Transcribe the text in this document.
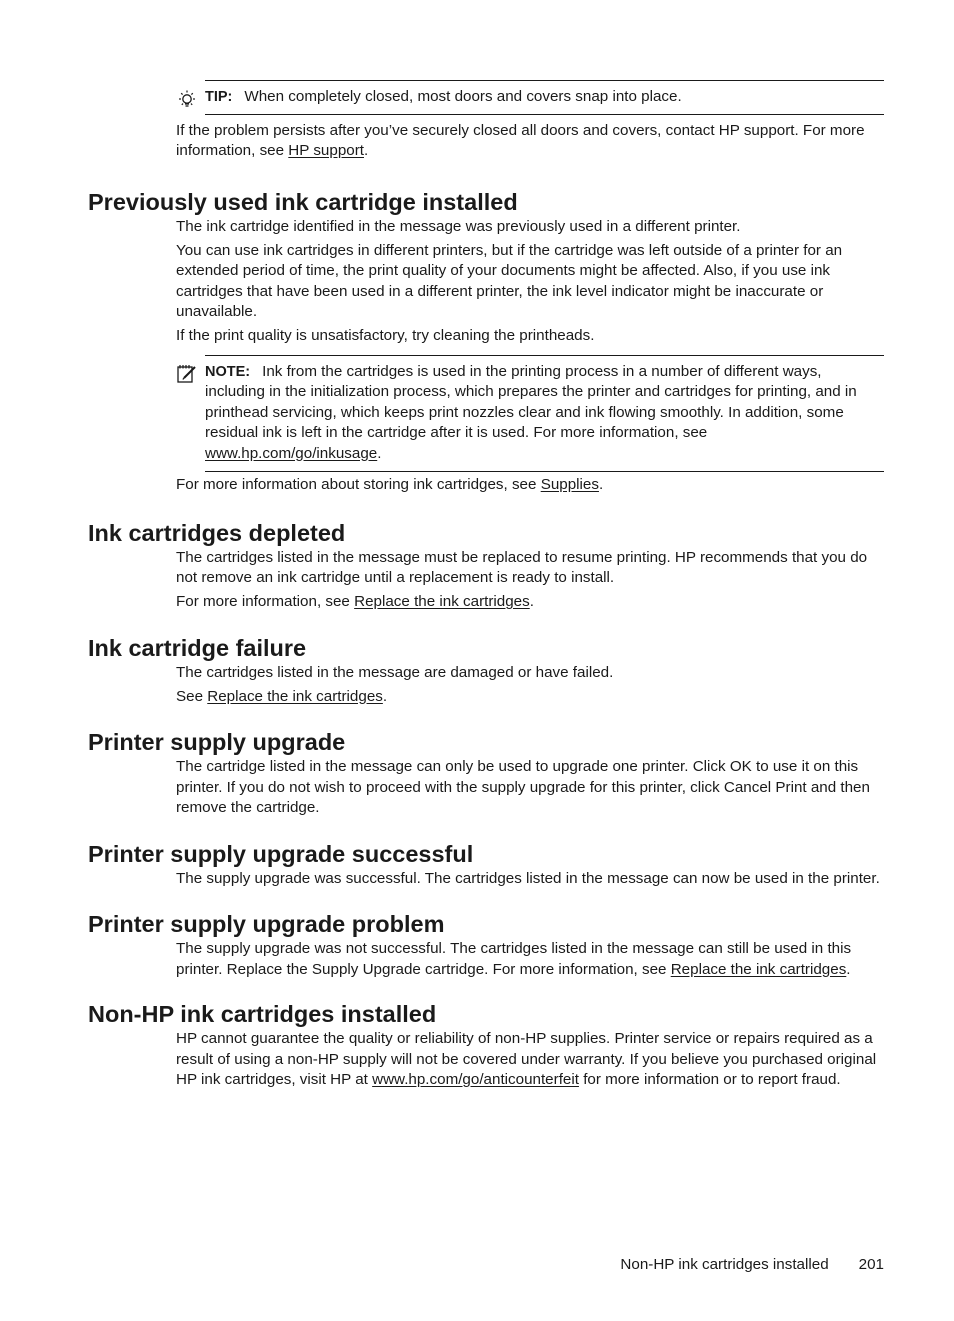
TIP: When completely closed, most doors and covers snap into place.

If the problem persists after you’ve securely closed all doors and covers, contact HP support. For more information, see HP support.

Previously used ink cartridge installed

The ink cartridge identified in the message was previously used in a different printer.

You can use ink cartridges in different printers, but if the cartridge was left outside of a printer for an extended period of time, the print quality of your documents might be affected. Also, if you use ink cartridges that have been used in a different printer, the ink level indicator might be inaccurate or unavailable.

If the print quality is unsatisfactory, try cleaning the printheads.

NOTE: Ink from the cartridges is used in the printing process in a number of different ways, including in the initialization process, which prepares the printer and cartridges for printing, and in printhead servicing, which keeps print nozzles clear and ink flowing smoothly. In addition, some residual ink is left in the cartridge after it is used. For more information, see www.hp.com/go/inkusage.

For more information about storing ink cartridges, see Supplies.

Ink cartridges depleted

The cartridges listed in the message must be replaced to resume printing. HP recommends that you do not remove an ink cartridge until a replacement is ready to install.

For more information, see Replace the ink cartridges.

Ink cartridge failure

The cartridges listed in the message are damaged or have failed.

See Replace the ink cartridges.

Printer supply upgrade

The cartridge listed in the message can only be used to upgrade one printer. Click OK to use it on this printer. If you do not wish to proceed with the supply upgrade for this printer, click Cancel Print and then remove the cartridge.

Printer supply upgrade successful

The supply upgrade was successful. The cartridges listed in the message can now be used in the printer.

Printer supply upgrade problem

The supply upgrade was not successful. The cartridges listed in the message can still be used in this printer. Replace the Supply Upgrade cartridge. For more information, see Replace the ink cartridges.

Non-HP ink cartridges installed

HP cannot guarantee the quality or reliability of non-HP supplies. Printer service or repairs required as a result of using a non-HP supply will not be covered under warranty. If you believe you purchased original HP ink cartridges, visit HP at www.hp.com/go/anticounterfeit for more information or to report fraud.

Non-HP ink cartridges installed 201
